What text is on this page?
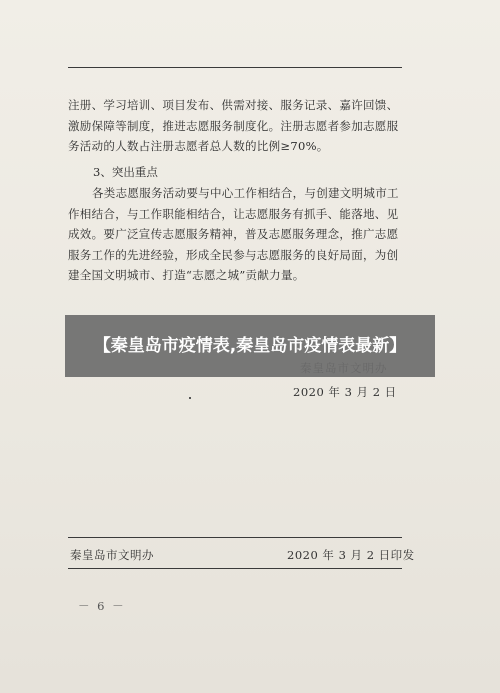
注册、学习培训、项目发布、供需对接、服务记录、嘉许回馈、激励保障等制度，推进志愿服务制度化。注册志愿者参加志愿服务活动的人数占注册志愿者总人数的比例≥70%。

3、突出重点

各类志愿服务活动要与中心工作相结合，与创建文明城市工作相结合，与工作职能相结合，让志愿服务有抓手、能落地、见成效。要广泛宣传志愿服务精神，普及志愿服务理念，推广志愿服务工作的先进经验，形成全民参与志愿服务的良好局面，为创建全国文明城市、打造“志愿之城”贡献力量。

2020 年 3 月 2 日
【秦皇岛市疫情表,秦皇岛市疫情表最新】
秦皇岛市文明办	2020 年 3 月 2 日印发
－ 6 －
